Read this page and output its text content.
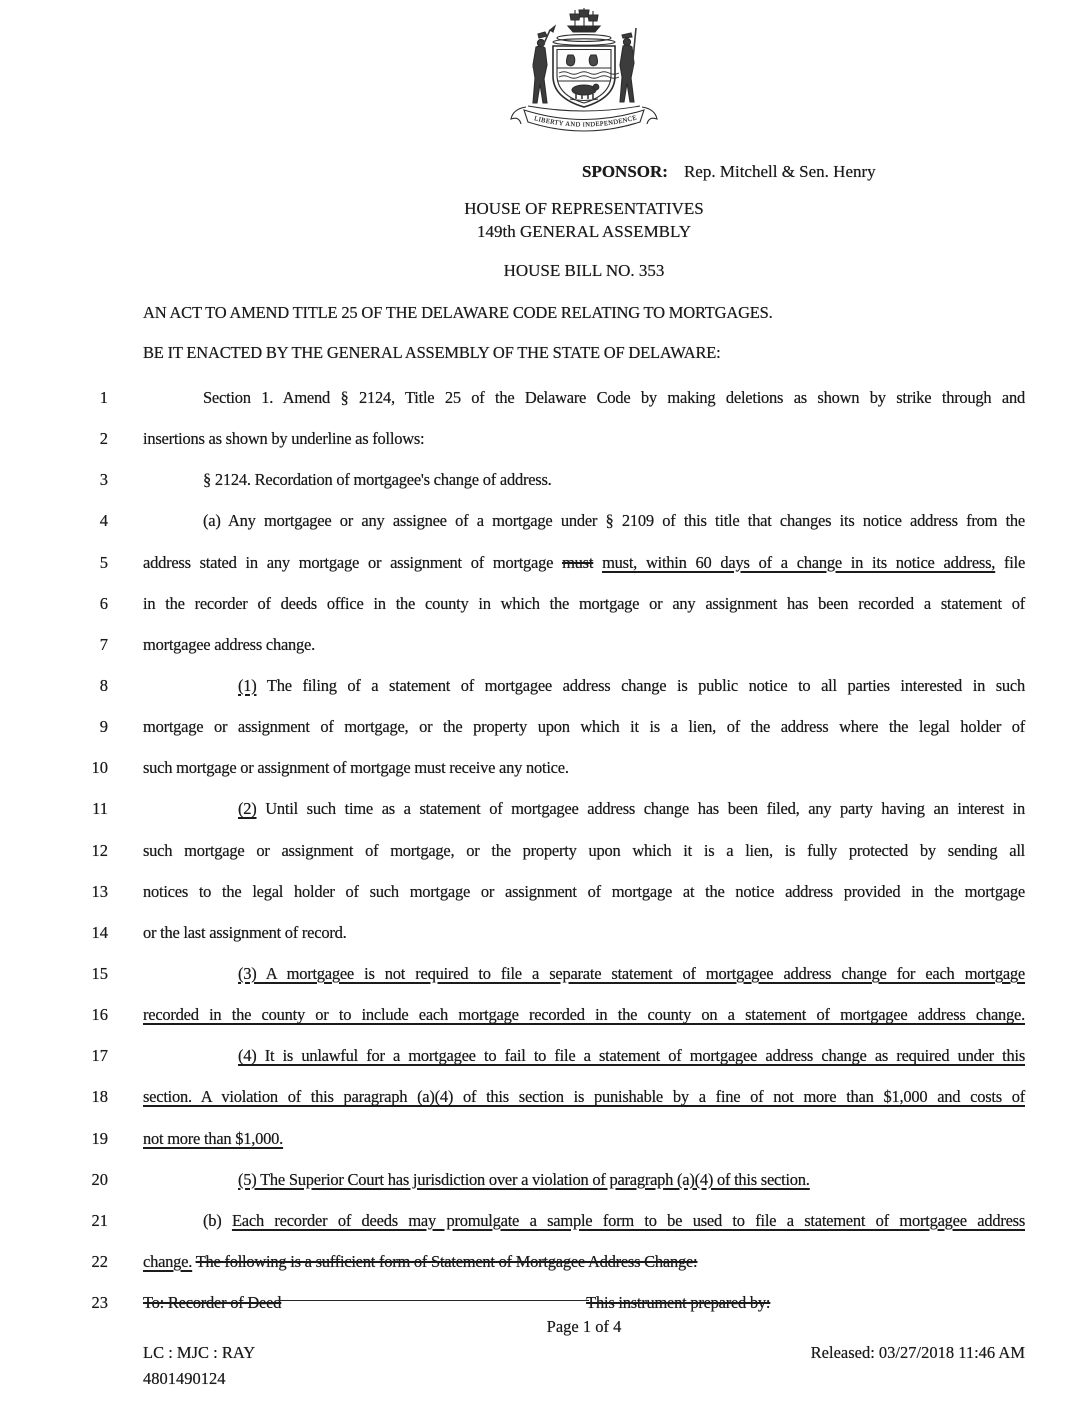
LIBERTY AND INDEPENDENCE
SPONSOR: Rep. Mitchell & Sen. Henry
HOUSE OF REPRESENTATIVES
149th GENERAL ASSEMBLY
HOUSE BILL NO. 353
AN ACT TO AMEND TITLE 25 OF THE DELAWARE CODE RELATING TO MORTGAGES.
BE IT ENACTED BY THE GENERAL ASSEMBLY OF THE STATE OF DELAWARE:
1	Section 1. Amend § 2124, Title 25 of the Delaware Code by making deletions as shown by strike through and
2 insertions as shown by underline as follows:
3	§ 2124. Recordation of mortgagee's change of address.
4	(a) Any mortgagee or any assignee of a mortgage under § 2109 of this title that changes its notice address from the
5 address stated in any mortgage or assignment of mortgage must must, within 60 days of a change in its notice address, file
6 in the recorder of deeds office in the county in which the mortgage or any assignment has been recorded a statement of
7 mortgagee address change.
8	(1) The filing of a statement of mortgagee address change is public notice to all parties interested in such
9 mortgage or assignment of mortgage, or the property upon which it is a lien, of the address where the legal holder of
10 such mortgage or assignment of mortgage must receive any notice.
11	(2) Until such time as a statement of mortgagee address change has been filed, any party having an interest in
12 such mortgage or assignment of mortgage, or the property upon which it is a lien, is fully protected by sending all
13 notices to the legal holder of such mortgage or assignment of mortgage at the notice address provided in the mortgage
14 or the last assignment of record.
15	(3) A mortgagee is not required to file a separate statement of mortgagee address change for each mortgage
16 recorded in the county or to include each mortgage recorded in the county on a statement of mortgagee address change.
17	(4) It is unlawful for a mortgagee to fail to file a statement of mortgagee address change as required under this
18 section. A violation of this paragraph (a)(4) of this section is punishable by a fine of not more than $1,000 and costs of
19 not more than $1,000.
20	(5) The Superior Court has jurisdiction over a violation of paragraph (a)(4) of this section.
21	(b) Each recorder of deeds may promulgate a sample form to be used to file a statement of mortgagee address
22 change. The following is a sufficient form of Statement of Mortgagee Address Change:
23 To: Recorder of Deed	This instrument prepared by:
Page 1 of 4
LC : MJC : RAY	Released: 03/27/2018 11:46 AM
4801490124
